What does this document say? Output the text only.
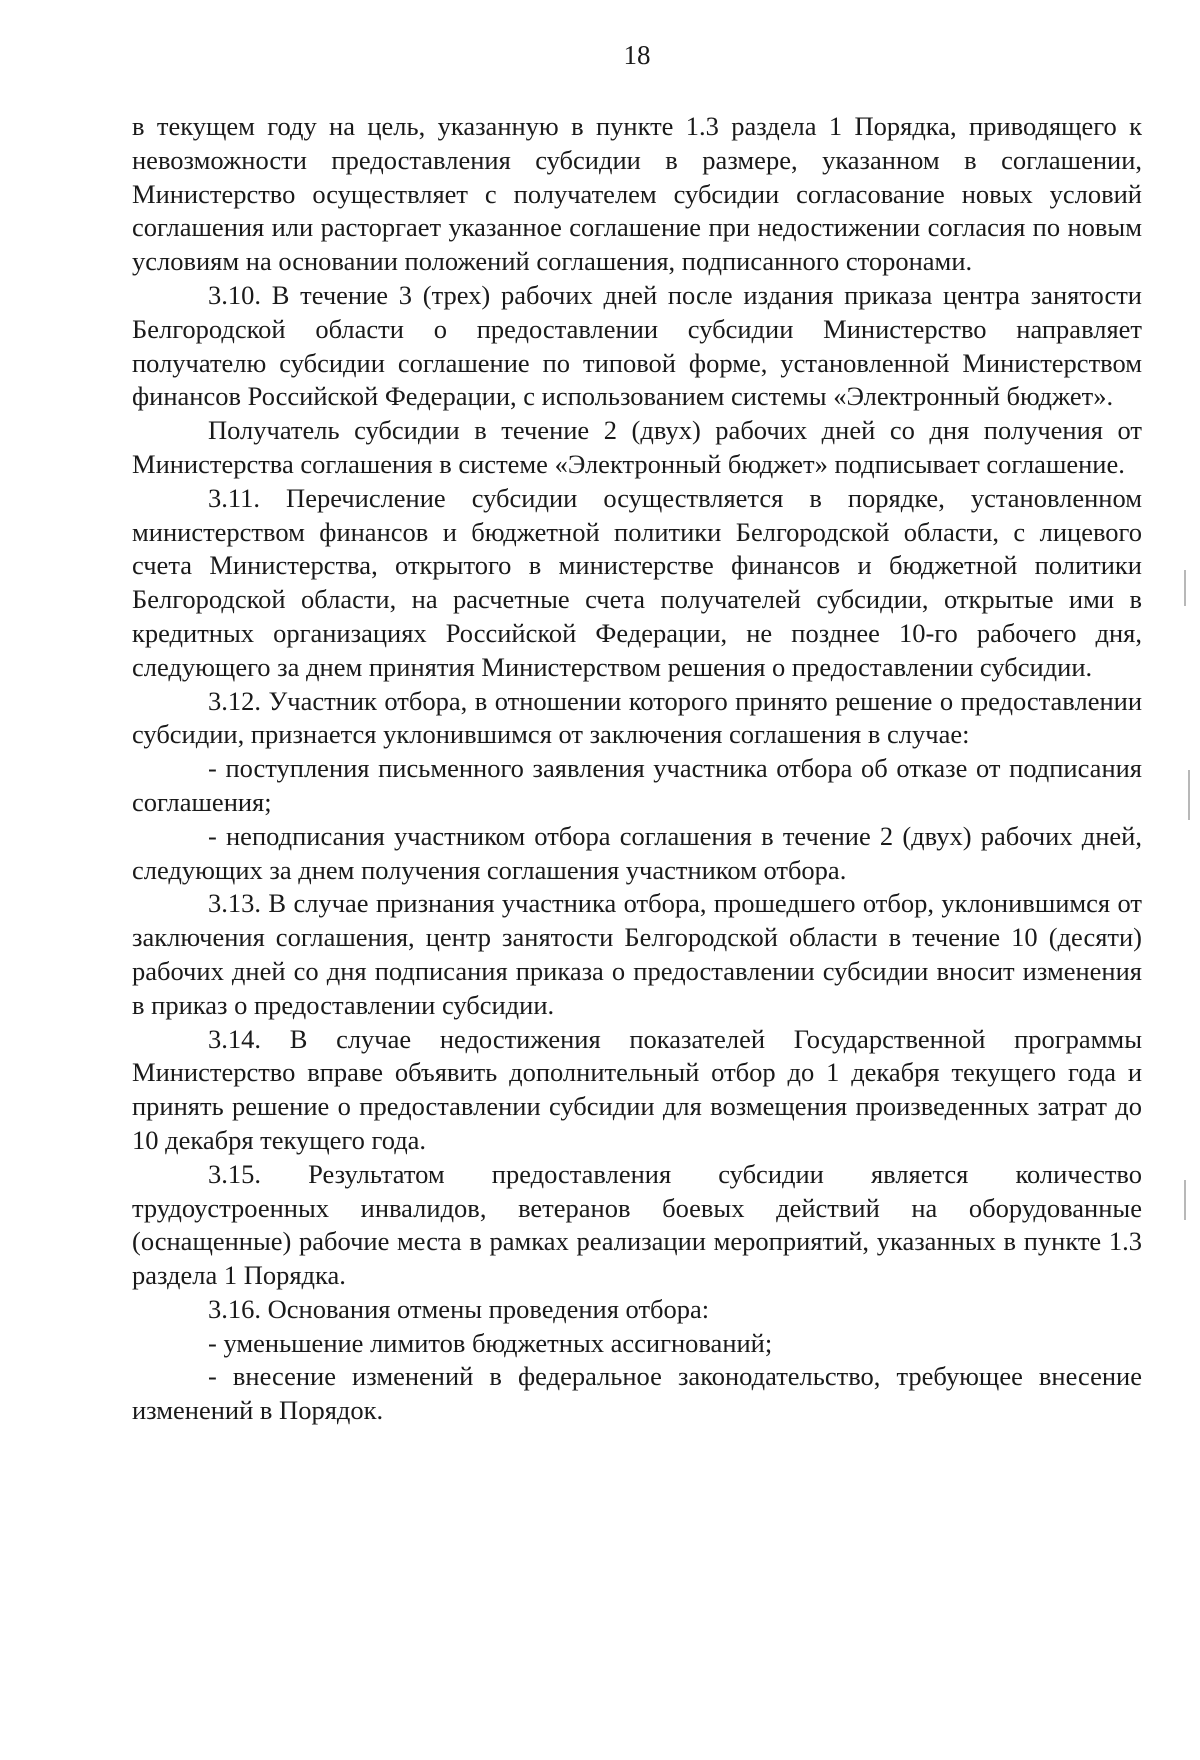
18

в текущем году на цель, указанную в пункте 1.3 раздела 1 Порядка, приводящего к невозможности предоставления субсидии в размере, указанном в соглашении, Министерство осуществляет с получателем субсидии согласование новых условий соглашения или расторгает указанное соглашение при недостижении согласия по новым условиям на основании положений соглашения, подписанного сторонами.

3.10. В течение 3 (трех) рабочих дней после издания приказа центра занятости Белгородской области о предоставлении субсидии Министерство направляет получателю субсидии соглашение по типовой форме, установленной Министерством финансов Российской Федерации, с использованием системы «Электронный бюджет».

Получатель субсидии в течение 2 (двух) рабочих дней со дня получения от Министерства соглашения в системе «Электронный бюджет» подписывает соглашение.

3.11. Перечисление субсидии осуществляется в порядке, установленном министерством финансов и бюджетной политики Белгородской области, с лицевого счета Министерства, открытого в министерстве финансов и бюджетной политики Белгородской области, на расчетные счета получателей субсидии, открытые ими в кредитных организациях Российской Федерации, не позднее 10-го рабочего дня, следующего за днем принятия Министерством решения о предоставлении субсидии.

3.12. Участник отбора, в отношении которого принято решение о предоставлении субсидии, признается уклонившимся от заключения соглашения в случае:

- поступления письменного заявления участника отбора об отказе от подписания соглашения;

- неподписания участником отбора соглашения в течение 2 (двух) рабочих дней, следующих за днем получения соглашения участником отбора.

3.13. В случае признания участника отбора, прошедшего отбор, уклонившимся от заключения соглашения, центр занятости Белгородской области в течение 10 (десяти) рабочих дней со дня подписания приказа о предоставлении субсидии вносит изменения в приказ о предоставлении субсидии.

3.14. В случае недостижения показателей Государственной программы Министерство вправе объявить дополнительный отбор до 1 декабря текущего года и принять решение о предоставлении субсидии для возмещения произведенных затрат до 10 декабря текущего года.

3.15. Результатом предоставления субсидии является количество трудоустроенных инвалидов, ветеранов боевых действий на оборудованные (оснащенные) рабочие места в рамках реализации мероприятий, указанных в пункте 1.3 раздела 1 Порядка.

3.16. Основания отмены проведения отбора:

- уменьшение лимитов бюджетных ассигнований;

- внесение изменений в федеральное законодательство, требующее внесение изменений в Порядок.
